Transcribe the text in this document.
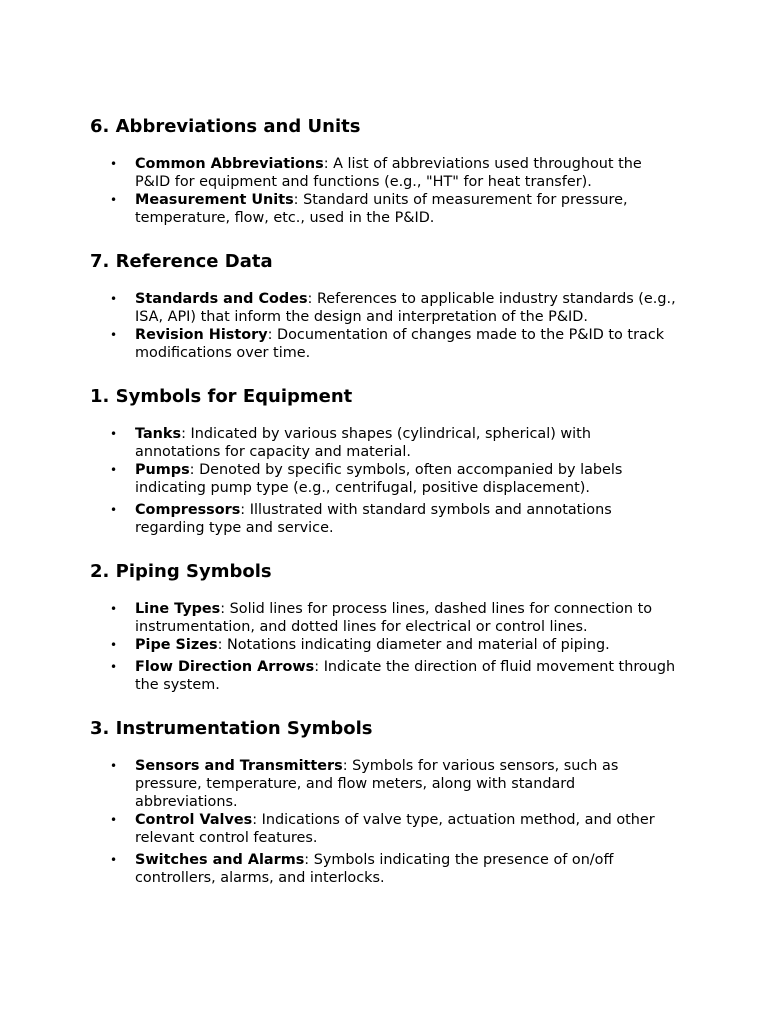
6. Abbreviations and Units
• Common Abbreviations: A list of abbreviations used throughout the P&ID for equipment and functions (e.g., "HT" for heat transfer).
• Measurement Units: Standard units of measurement for pressure, temperature, flow, etc., used in the P&ID.
7. Reference Data
• Standards and Codes: References to applicable industry standards (e.g., ISA, API) that inform the design and interpretation of the P&ID.
• Revision History: Documentation of changes made to the P&ID to track modifications over time.
1. Symbols for Equipment
• Tanks: Indicated by various shapes (cylindrical, spherical) with annotations for capacity and material.
• Pumps: Denoted by specific symbols, often accompanied by labels indicating pump type (e.g., centrifugal, positive displacement).
• Compressors: Illustrated with standard symbols and annotations regarding type and service.
2. Piping Symbols
• Line Types: Solid lines for process lines, dashed lines for connection to instrumentation, and dotted lines for electrical or control lines.
• Pipe Sizes: Notations indicating diameter and material of piping.
• Flow Direction Arrows: Indicate the direction of fluid movement through the system.
3. Instrumentation Symbols
• Sensors and Transmitters: Symbols for various sensors, such as pressure, temperature, and flow meters, along with standard abbreviations.
• Control Valves: Indications of valve type, actuation method, and other relevant control features.
• Switches and Alarms: Symbols indicating the presence of on/off controllers, alarms, and interlocks.
